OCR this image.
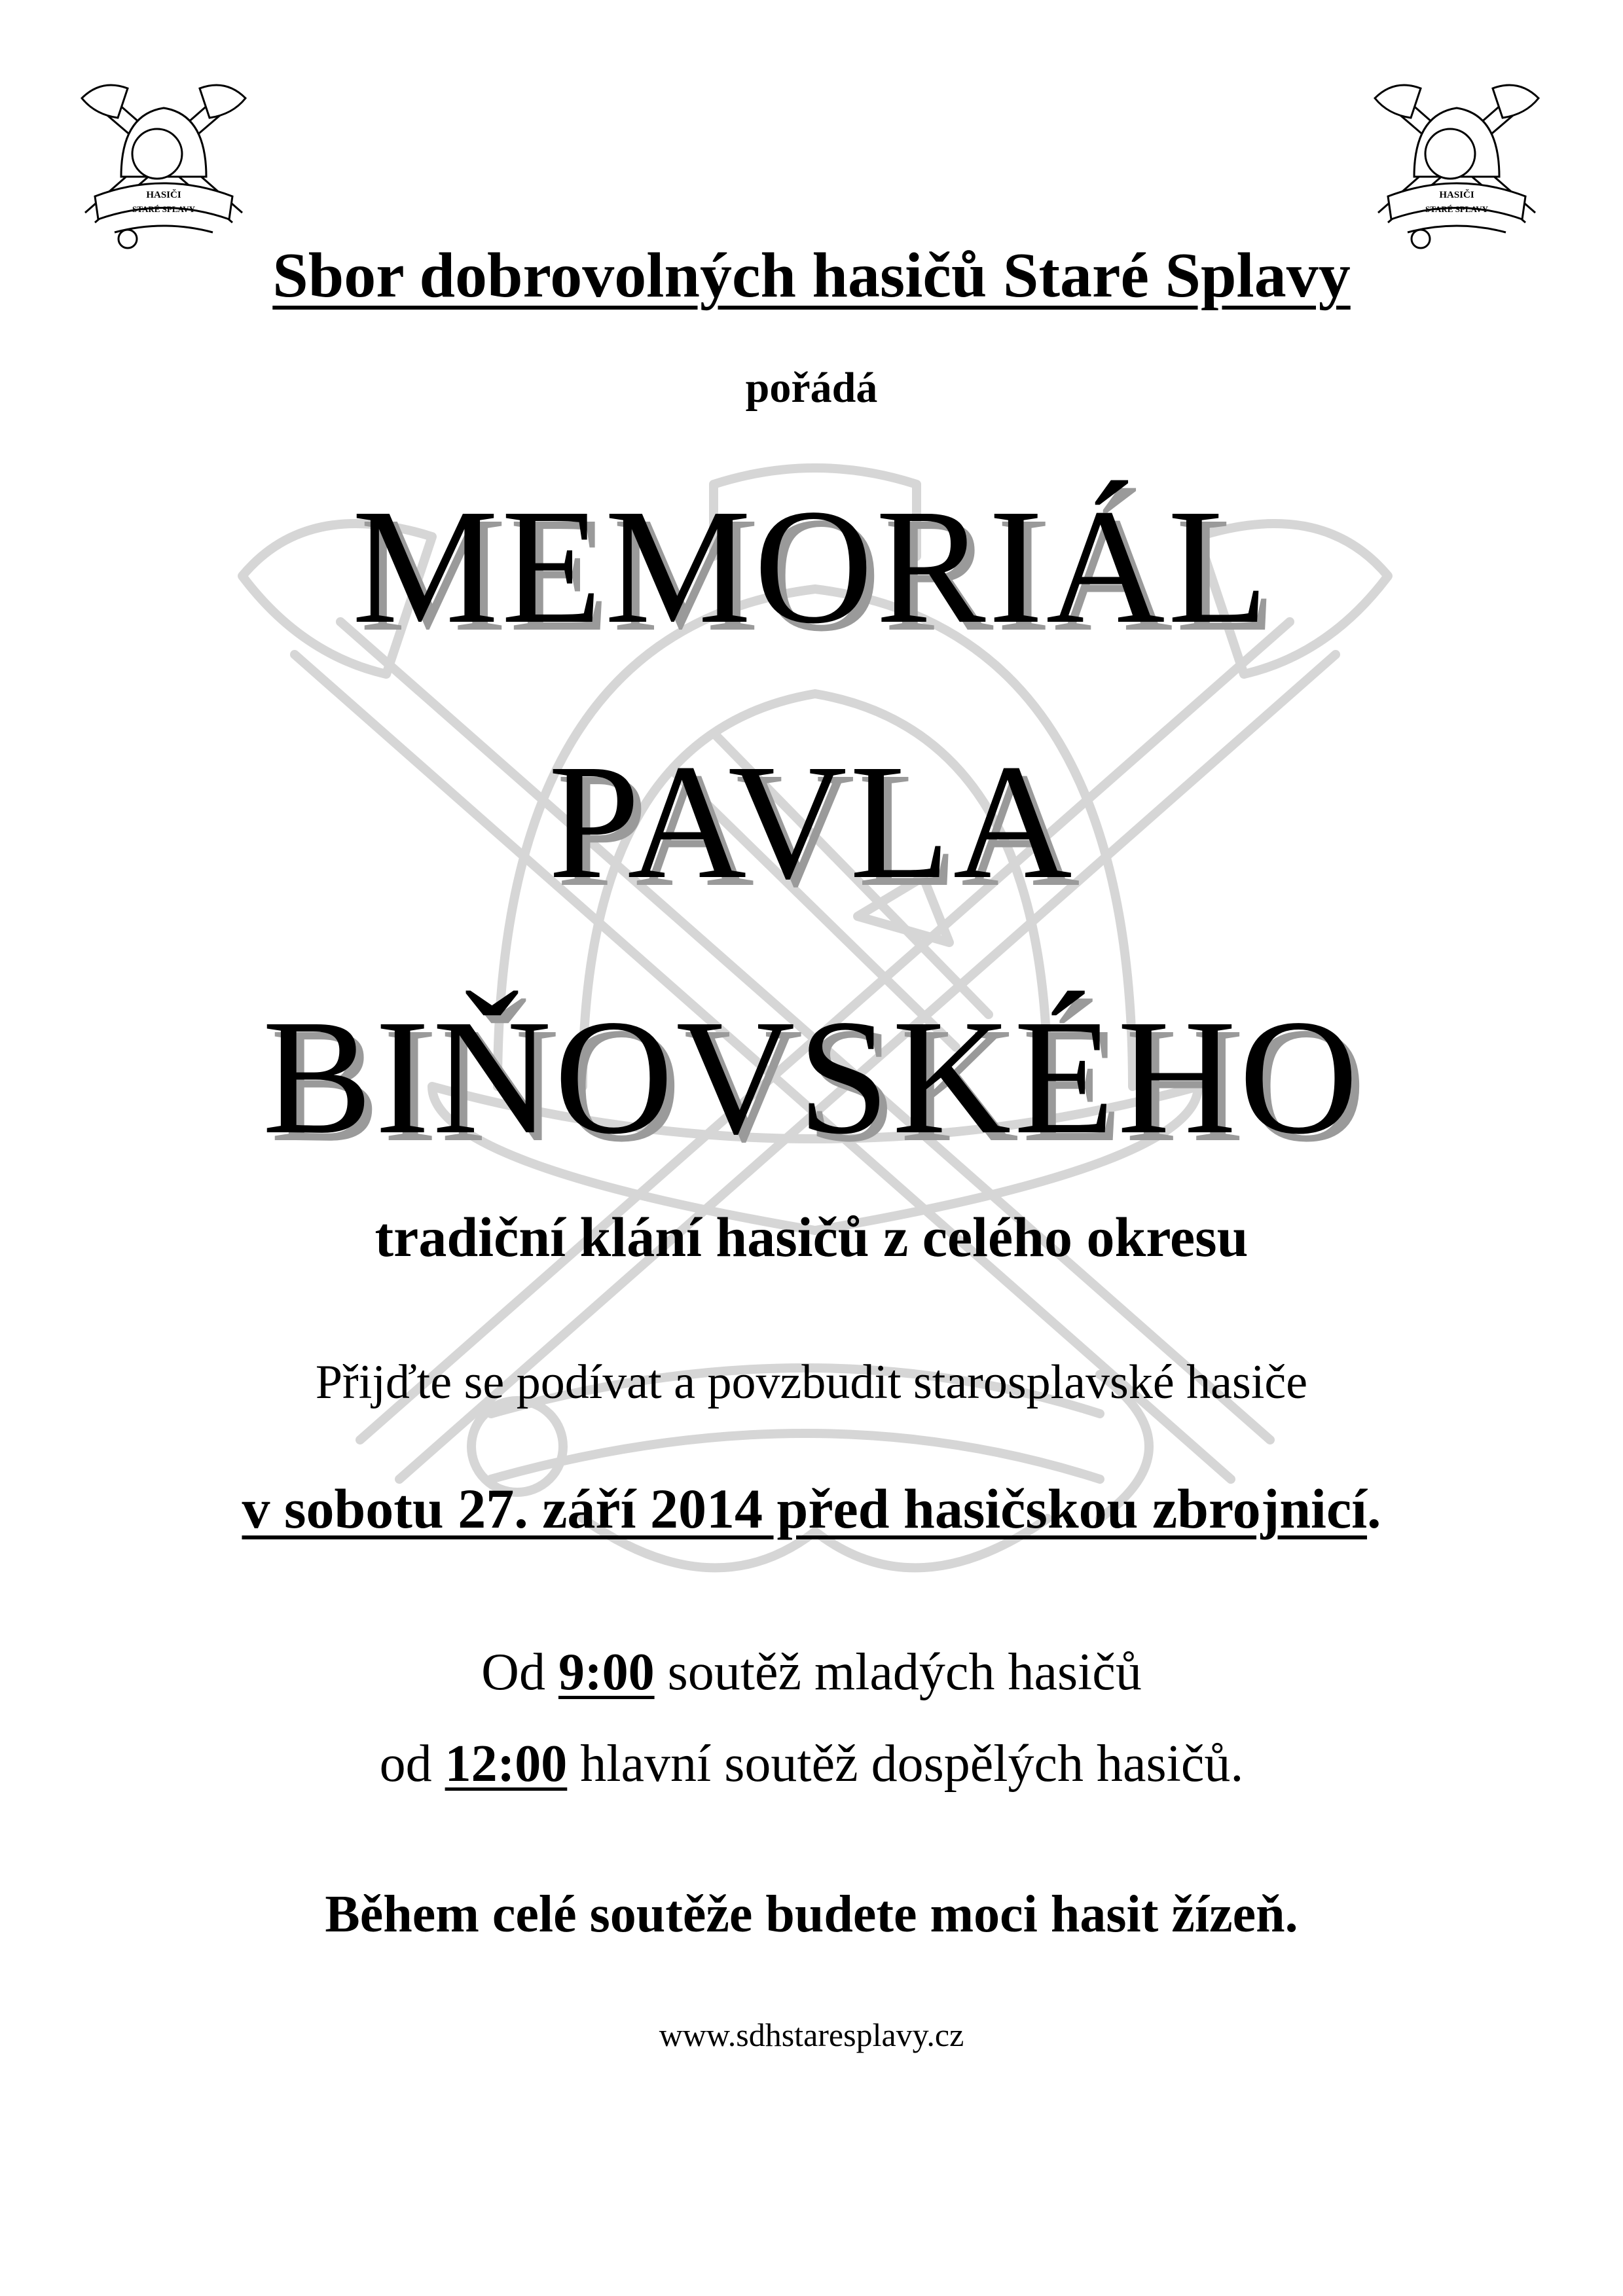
HASIČI
STARÉ SPLAVY
HASIČI
STARÉ SPLAVY
Sbor dobrovolných hasičů Staré Splavy
pořádá
MEMORIÁL
PAVLA
BIŇOVSKÉHO
tradiční klání hasičů z celého okresu
Přijďte se podívat a povzbudit starosplavské hasiče
v sobotu 27. září 2014 před hasičskou zbrojnicí.
Od 9:00 soutěž mladých hasičů
od 12:00 hlavní soutěž dospělých hasičů.
Během celé soutěže budete moci hasit žízeň.
www.sdhstaresplavy.cz
